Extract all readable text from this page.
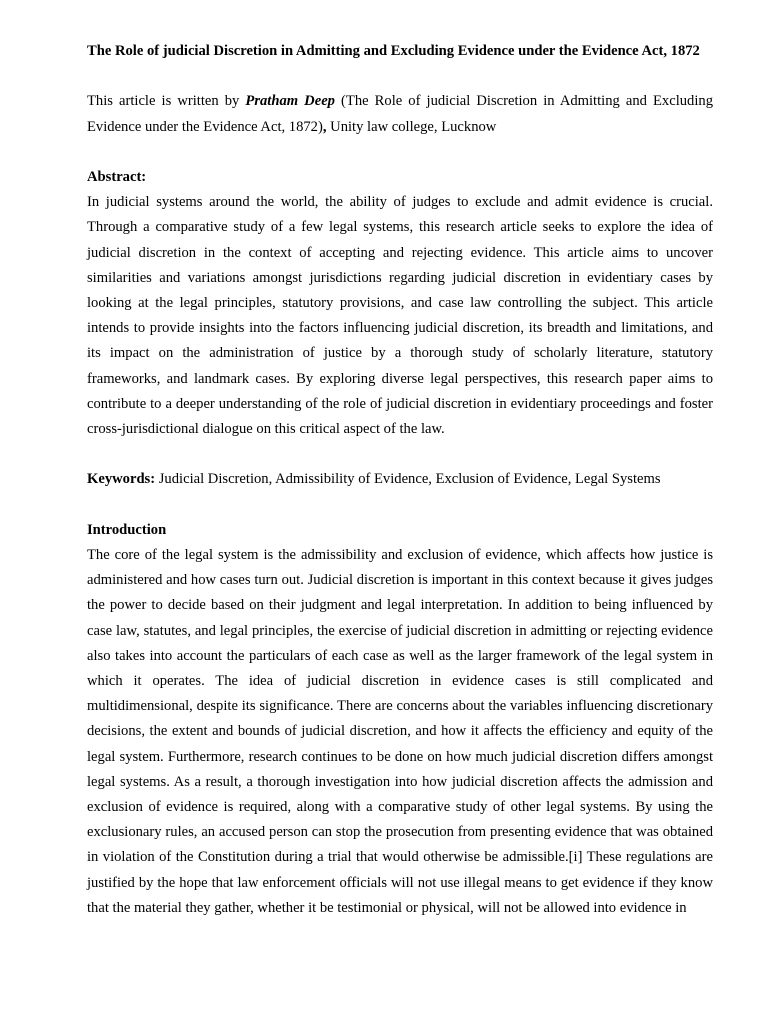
The Role of judicial Discretion in Admitting and Excluding Evidence under the Evidence Act, 1872

This article is written by Pratham Deep (The Role of judicial Discretion in Admitting and Excluding Evidence under the Evidence Act, 1872), Unity law college, Lucknow

Abstract:

In judicial systems around the world, the ability of judges to exclude and admit evidence is crucial. Through a comparative study of a few legal systems, this research article seeks to explore the idea of judicial discretion in the context of accepting and rejecting evidence. This article aims to uncover similarities and variations amongst jurisdictions regarding judicial discretion in evidentiary cases by looking at the legal principles, statutory provisions, and case law controlling the subject. This article intends to provide insights into the factors influencing judicial discretion, its breadth and limitations, and its impact on the administration of justice by a thorough study of scholarly literature, statutory frameworks, and landmark cases. By exploring diverse legal perspectives, this research paper aims to contribute to a deeper understanding of the role of judicial discretion in evidentiary proceedings and foster cross-jurisdictional dialogue on this critical aspect of the law.

Keywords: Judicial Discretion, Admissibility of Evidence, Exclusion of Evidence, Legal Systems

Introduction

The core of the legal system is the admissibility and exclusion of evidence, which affects how justice is administered and how cases turn out. Judicial discretion is important in this context because it gives judges the power to decide based on their judgment and legal interpretation. In addition to being influenced by case law, statutes, and legal principles, the exercise of judicial discretion in admitting or rejecting evidence also takes into account the particulars of each case as well as the larger framework of the legal system in which it operates. The idea of judicial discretion in evidence cases is still complicated and multidimensional, despite its significance. There are concerns about the variables influencing discretionary decisions, the extent and bounds of judicial discretion, and how it affects the efficiency and equity of the legal system. Furthermore, research continues to be done on how much judicial discretion differs amongst legal systems. As a result, a thorough investigation into how judicial discretion affects the admission and exclusion of evidence is required, along with a comparative study of other legal systems. By using the exclusionary rules, an accused person can stop the prosecution from presenting evidence that was obtained in violation of the Constitution during a trial that would otherwise be admissible.[i] These regulations are justified by the hope that law enforcement officials will not use illegal means to get evidence if they know that the material they gather, whether it be testimonial or physical, will not be allowed into evidence in
